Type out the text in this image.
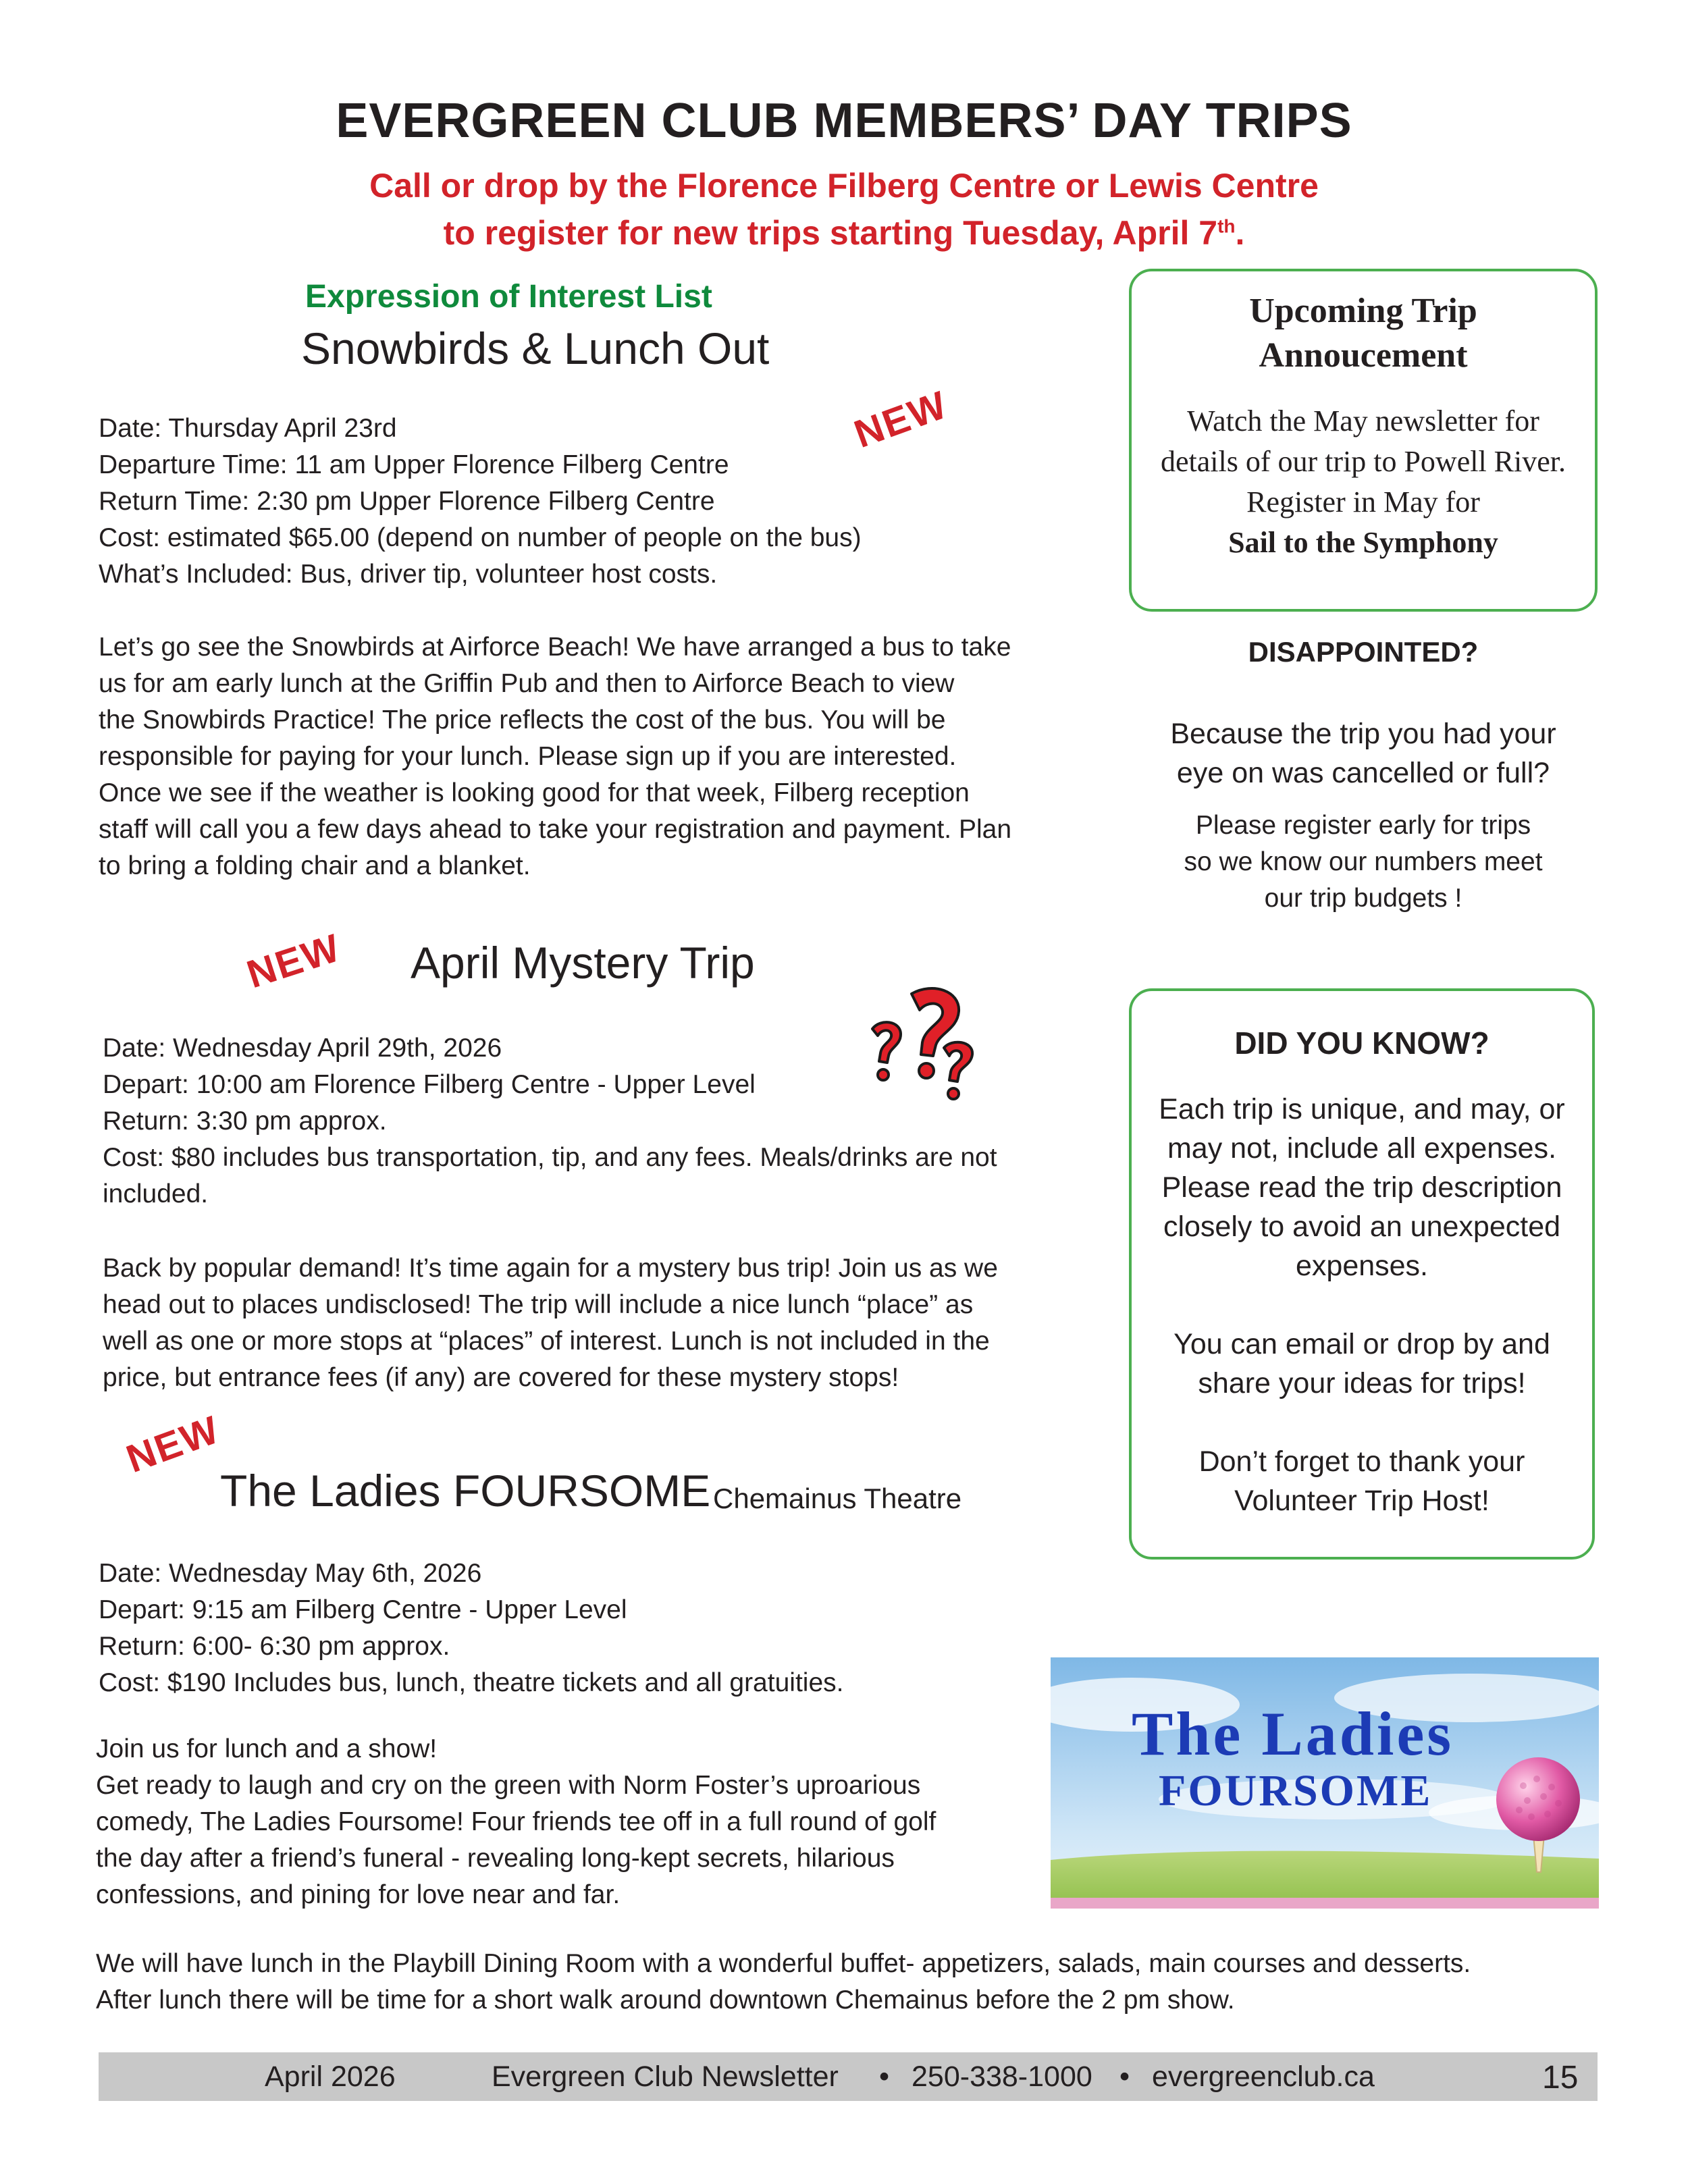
EVERGREEN CLUB MEMBERS’ DAY TRIPS
Call or drop by the Florence Filberg Centre or Lewis Centre
to register for new trips starting Tuesday, April 7th.
Expression of Interest List
Snowbirds & Lunch Out
NEW
Date: Thursday April 23rd
Departure Time: 11 am Upper Florence Filberg Centre
Return Time: 2:30 pm Upper Florence Filberg Centre
Cost: estimated $65.00 (depend on number of people on the bus)
What’s Included: Bus, driver tip, volunteer host costs.
Let’s go see the Snowbirds at Airforce Beach! We have arranged a bus to take
us for am early lunch at the Griffin Pub and then to Airforce Beach to view
the Snowbirds Practice! The price reflects the cost of the bus. You will be
responsible for paying for your lunch. Please sign up if you are interested.
Once we see if the weather is looking good for that week, Filberg reception
staff will call you a few days ahead to take your registration and payment. Plan
to bring a folding chair and a blanket.
NEW April Mystery Trip
Date: Wednesday April 29th, 2026
Depart: 10:00 am Florence Filberg Centre - Upper Level
Return: 3:30 pm approx.
Cost: $80 includes bus transportation, tip, and any fees. Meals/drinks are not
included.
Back by popular demand! It’s time again for a mystery bus trip! Join us as we
head out to places undisclosed! The trip will include a nice lunch “place” as
well as one or more stops at “places” of interest. Lunch is not included in the
price, but entrance fees (if any) are covered for these mystery stops!
NEW
The Ladies FOURSOME Chemainus Theatre
Date: Wednesday May 6th, 2026
Depart: 9:15 am Filberg Centre - Upper Level
Return: 6:00- 6:30 pm approx.
Cost: $190 Includes bus, lunch, theatre tickets and all gratuities.
Join us for lunch and a show!
Get ready to laugh and cry on the green with Norm Foster’s uproarious
comedy, The Ladies Foursome! Four friends tee off in a full round of golf
the day after a friend’s funeral - revealing long-kept secrets, hilarious
confessions, and pining for love near and far.
We will have lunch in the Playbill Dining Room with a wonderful buffet- appetizers, salads, main courses and desserts.
After lunch there will be time for a short walk around downtown Chemainus before the 2 pm show.
The Ladies
FOURSOME
Upcoming Trip
Annoucement
Watch the May newsletter for
details of our trip to Powell River.
Register in May for
Sail to the Symphony
DISAPPOINTED?
Because the trip you had your
eye on was cancelled or full?
Please register early for trips
so we know our numbers meet
our trip budgets !
DID YOU KNOW?
Each trip is unique, and may, or
may not, include all expenses.
Please read the trip description
closely to avoid an unexpected
expenses.
You can email or drop by and
share your ideas for trips!
Don’t forget to thank your
Volunteer Trip Host!
April 2026	Evergreen Club Newsletter • 250-338-1000 • evergreenclub.ca	15
